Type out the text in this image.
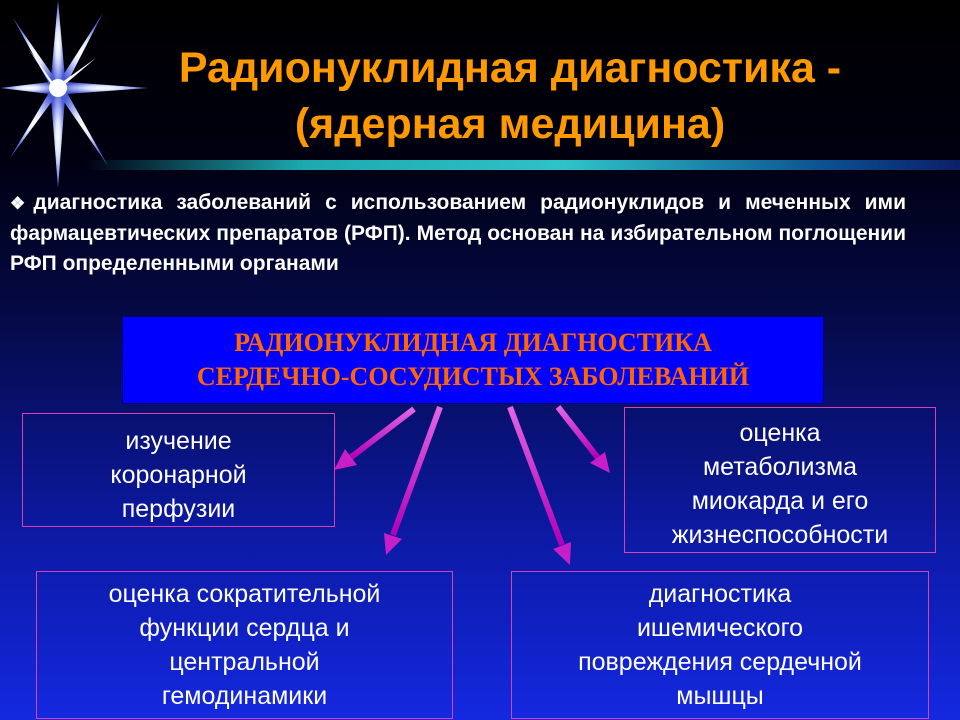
Радионуклидная диагностика -
(ядерная медицина)
❖диагностика заболеваний с использованием радионуклидов и меченных ими фармацевтических препаратов (РФП). Метод основан на избирательном поглощении РФП определенными органами
РАДИОНУКЛИДНАЯ ДИАГНОСТИКА
СЕРДЕЧНО-СОСУДИСТЫХ ЗАБОЛЕВАНИЙ
изучение
коронарной
перфузии
оценка
метаболизма
миокарда и его
жизнеспособности
оценка сократительной
функции сердца и
центральной
гемодинамики
диагностика
ишемического
повреждения сердечной
мышцы
